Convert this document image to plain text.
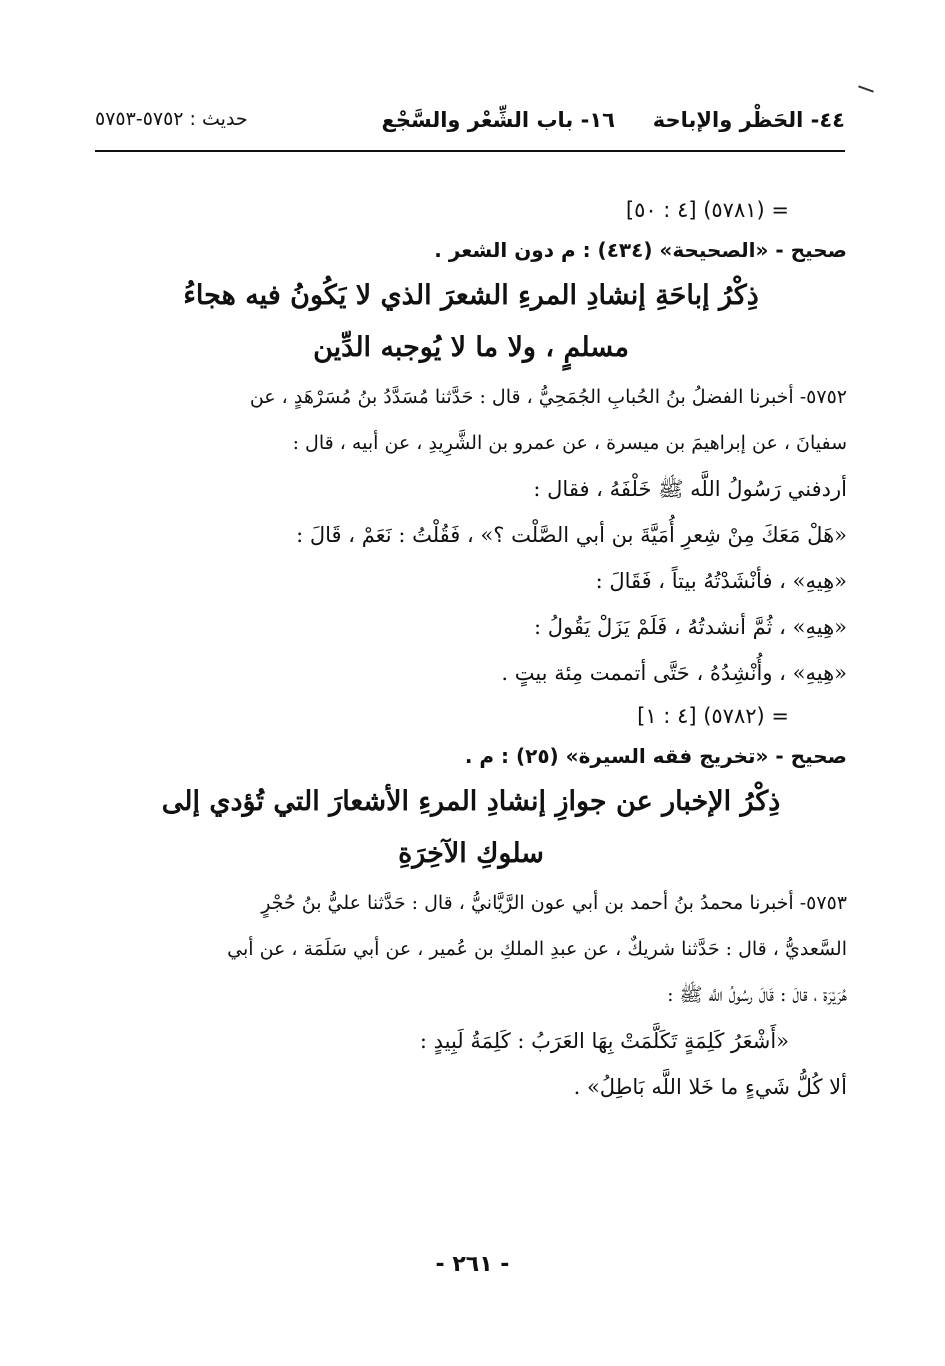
٤٤- الحَظْر والإباحة
١٦- باب الشِّعْر والسَّجْع
حديث : ٥٧٥٢-٥٧٥٣
= (٥٧٨١) [٤ : ٥٠]
صحيح - «الصحيحة» (٤٣٤) : م دون الشعر .
ذِكْرُ إباحَةِ إنشادِ المرءِ الشعرَ الذي لا يَكُونُ فيه هجاءُ
مسلمٍ ، ولا ما لا يُوجبه الدِّين
٥٧٥٢- أخبرنا الفضلُ بنُ الحُبابِ الجُمَحِيُّ ، قال : حَدَّثنا مُسَدَّدُ بنُ مُسَرْهَدٍ ، عن
سفيانَ ، عن إبراهيمَ بن ميسرة ، عن عمرو بن الشَّرِيدِ ، عن أبيه ، قال :
أردفني رَسُولُ اللَّه ﷺ خَلْفَهُ ، فقال :
«هَلْ مَعَكَ مِنْ شِعرِ أُمَيَّةَ بن أبي الصَّلْت ؟» ، فَقُلْتُ : نَعَمْ ، قَالَ :
«هِيهِ» ، فأنْشَدْتُهُ بيتاً ، فَقَالَ :
«هِيهِ» ، ثُمَّ أنشدتُهُ ، فَلَمْ يَزَلْ يَقُولُ :
«هِيهِ» ، وأُنْشِدُهُ ، حَتَّى أتممت مِئة بيتٍ .
= (٥٧٨٢) [٤ : ١]
صحيح - «تخريج فقه السيرة» (٢٥) : م .
ذِكْرُ الإخبار عن جوازِ إنشادِ المرءِ الأشعارَ التي تُؤدي إلى
سلوكِ الآخِرَةِ
٥٧٥٣- أخبرنا محمدُ بنُ أحمد بن أبي عون الرَّيَّانيُّ ، قال : حَدَّثنا عليُّ بنُ حُجْرٍ
السَّعديُّ ، قال : حَدَّثنا شريكٌ ، عن عبدِ الملكِ بن عُمير ، عن أبي سَلَمَة ، عن أبي
هُرَيْرَة ، قالَ : قَالَ رسُولُ اللَّه ﷺ :
«أَشْعَرُ كَلِمَةٍ تَكَلَّمَتْ بِهَا العَرَبُ : كَلِمَةُ لَبِيدٍ :
ألا كُلُّ شَيءٍ ما خَلا اللَّه بَاطِلُ» .
- ٢٦١ -
